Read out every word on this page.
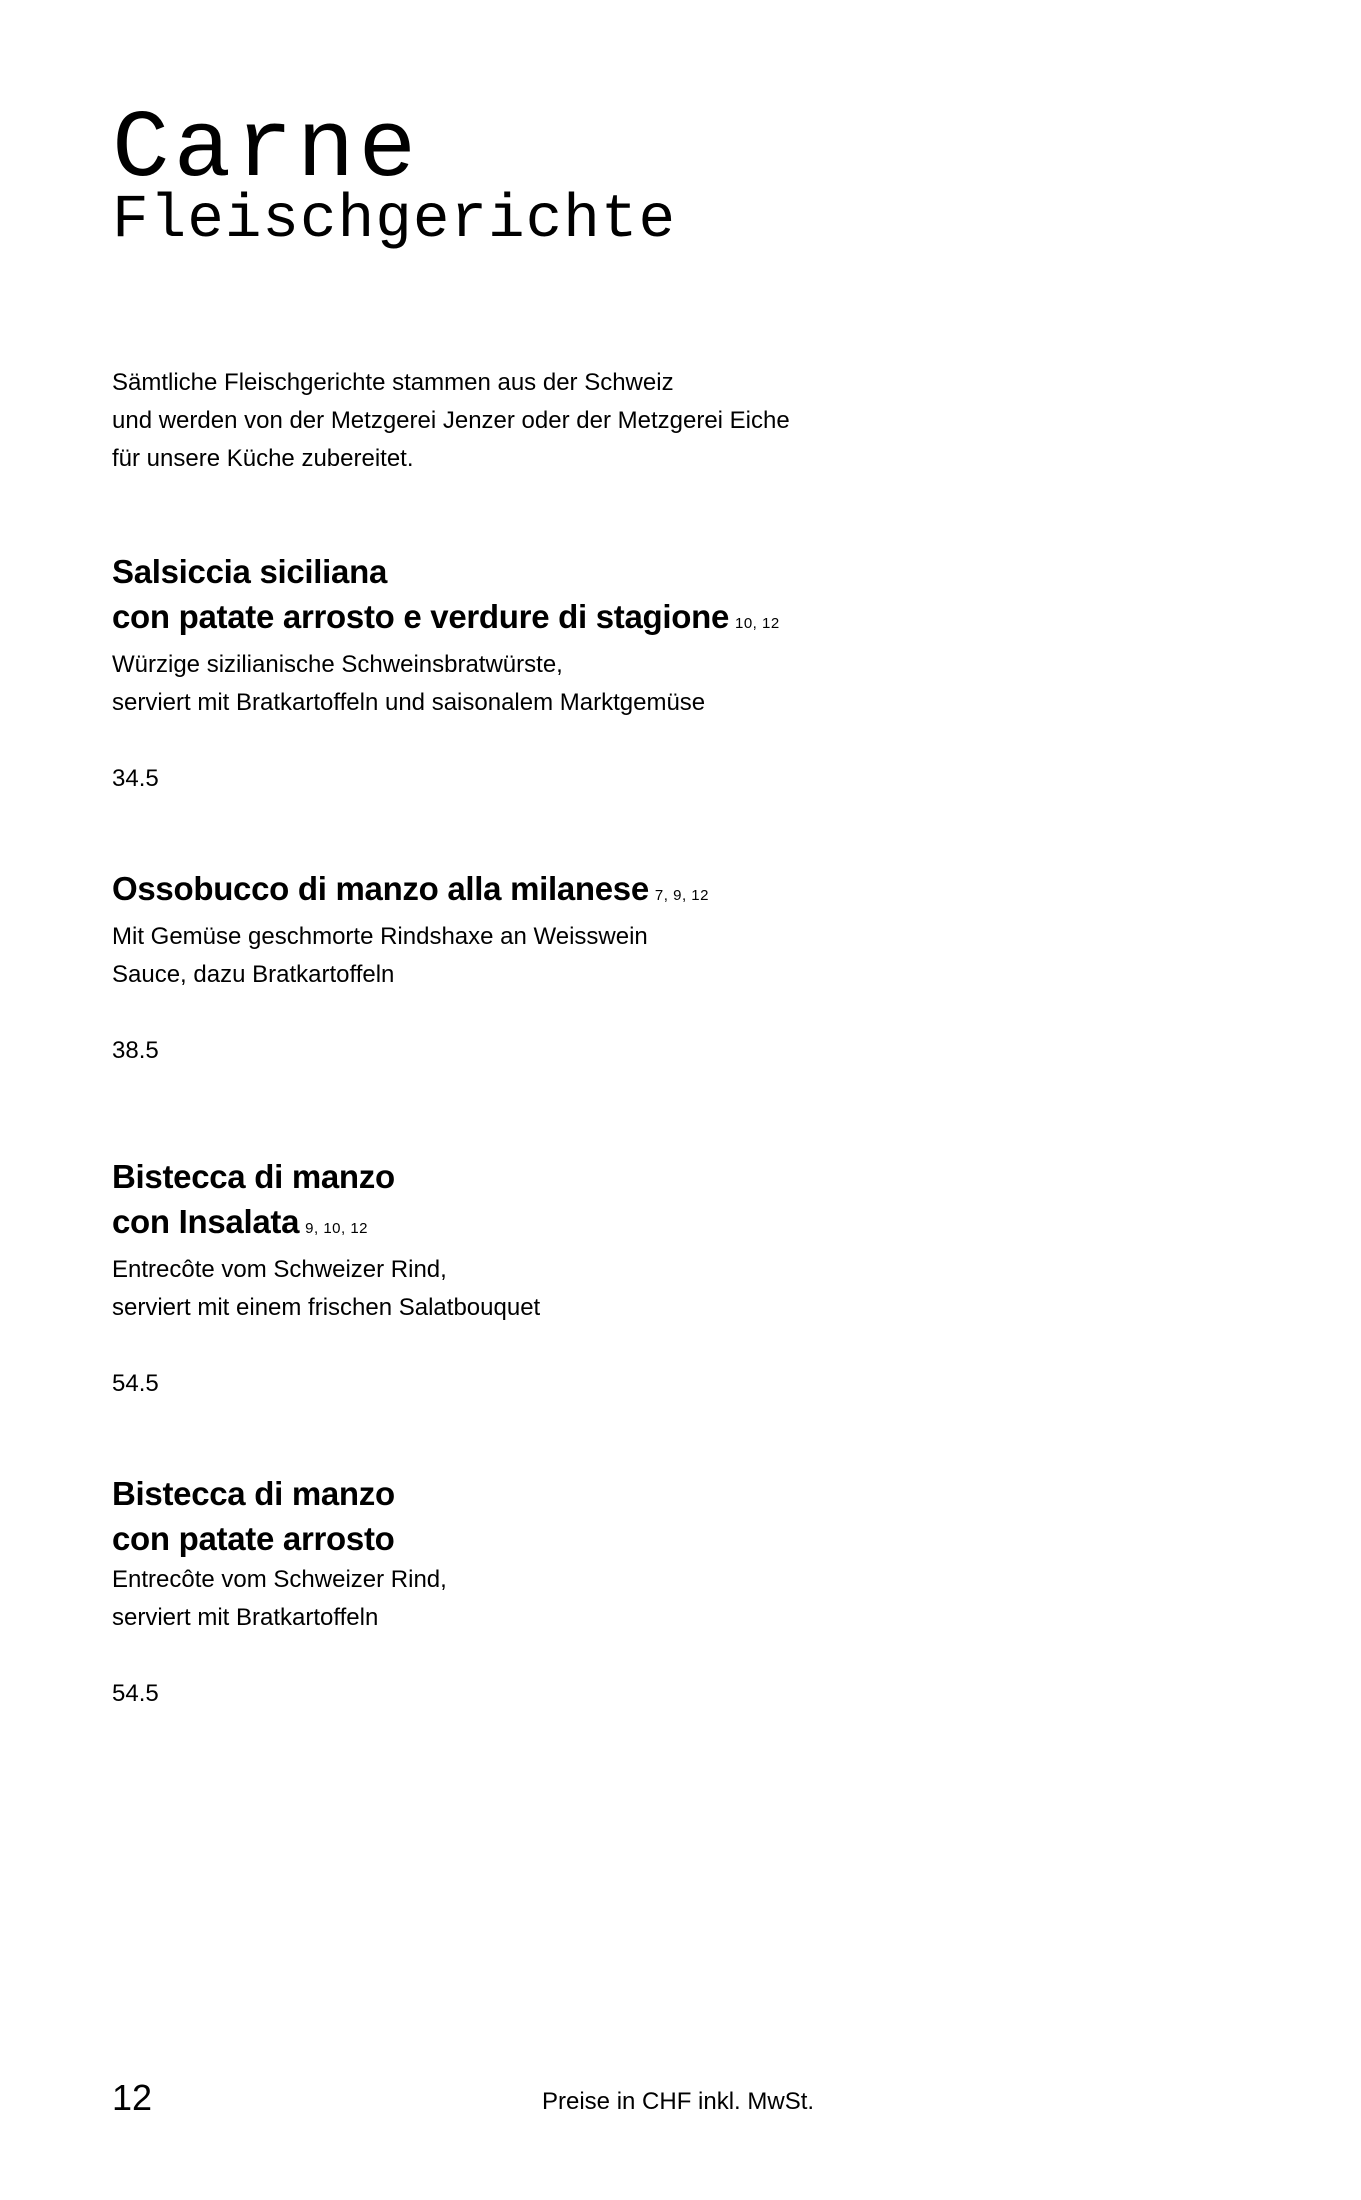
Carne
Fleischgerichte
Sämtliche Fleischgerichte stammen aus der Schweiz
und werden von der Metzgerei Jenzer oder der Metzgerei Eiche
für unsere Küche zubereitet.
Salsiccia siciliana
con patate arrosto e verdure di stagione 10, 12
Würzige sizilianische Schweinsbratwürste,
serviert mit Bratkartoffeln und saisonalem Marktgemüse
34.5
Ossobucco di manzo alla milanese 7, 9, 12
Mit Gemüse geschmorte Rindshaxe an Weisswein
Sauce, dazu Bratkartoffeln
38.5
Bistecca di manzo
con Insalata 9, 10, 12
Entrecôte vom Schweizer Rind,
serviert mit einem frischen Salatbouquet
54.5
Bistecca di manzo
con patate arrosto
Entrecôte vom Schweizer Rind,
serviert mit Bratkartoffeln
54.5
12	Preise in CHF inkl. MwSt.
